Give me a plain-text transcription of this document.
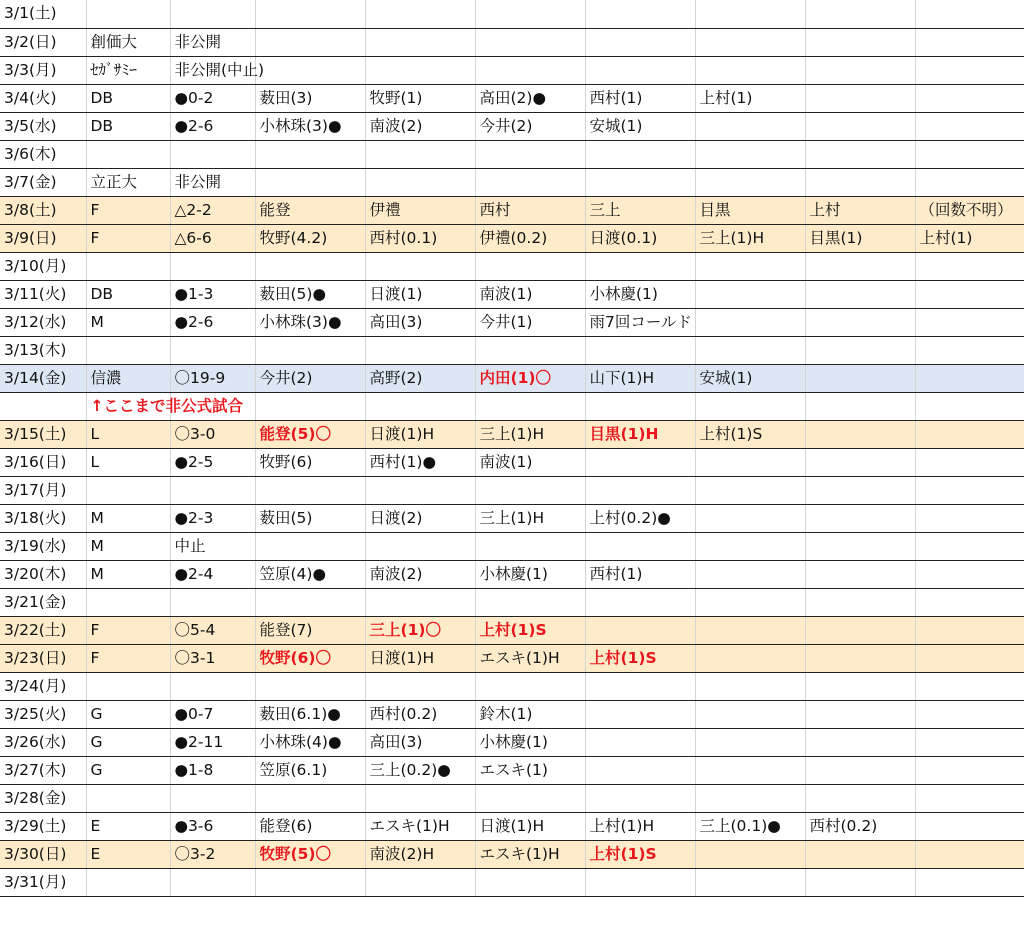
3/1(土)									
3/2(日)	創価大	非公開							
3/3(月)	ｾｶﾞｻﾐｰ	非公開(中止)							
3/4(火)	DB	●0-2	薮田(3)	牧野(1)	高田(2)●	西村(1)	上村(1)		
3/5(水)	DB	●2-6	小林珠(3)●	南波(2)	今井(2)	安城(1)			
3/6(木)									
3/7(金)	立正大	非公開							
3/8(土)	F	△2-2	能登	伊禮	西村	三上	目黒	上村	（回数不明）
3/9(日)	F	△6-6	牧野(4.2)	西村(0.1)	伊禮(0.2)	日渡(0.1)	三上(1)H	目黒(1)	上村(1)
3/10(月)									
3/11(火)	DB	●1-3	薮田(5)●	日渡(1)	南波(1)	小林慶(1)			
3/12(水)	M	●2-6	小林珠(3)●	高田(3)	今井(1)	雨7回コールド			
3/13(木)									
3/14(金)	信濃	〇19-9	今井(2)	高野(2)	内田(1)〇	山下(1)H	安城(1)		
	↑ここまで非公式試合								
3/15(土)	L	〇3-0	能登(5)〇	日渡(1)H	三上(1)H	目黒(1)H	上村(1)S		
3/16(日)	L	●2-5	牧野(6)	西村(1)●	南波(1)				
3/17(月)									
3/18(火)	M	●2-3	薮田(5)	日渡(2)	三上(1)H	上村(0.2)●			
3/19(水)	M	中止							
3/20(木)	M	●2-4	笠原(4)●	南波(2)	小林慶(1)	西村(1)			
3/21(金)									
3/22(土)	F	〇5-4	能登(7)	三上(1)〇	上村(1)S				
3/23(日)	F	〇3-1	牧野(6)〇	日渡(1)H	エスキ(1)H	上村(1)S			
3/24(月)									
3/25(火)	G	●0-7	薮田(6.1)●	西村(0.2)	鈴木(1)				
3/26(水)	G	●2-11	小林珠(4)●	高田(3)	小林慶(1)				
3/27(木)	G	●1-8	笠原(6.1)	三上(0.2)●	エスキ(1)				
3/28(金)									
3/29(土)	E	●3-6	能登(6)	エスキ(1)H	日渡(1)H	上村(1)H	三上(0.1)●	西村(0.2)	
3/30(日)	E	〇3-2	牧野(5)〇	南波(2)H	エスキ(1)H	上村(1)S			
3/31(月)									
